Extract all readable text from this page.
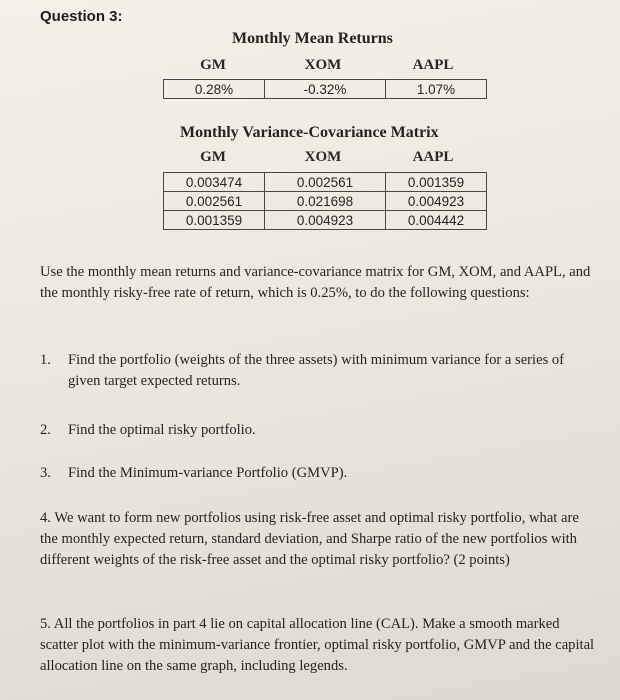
Question 3:
Monthly Mean Returns
GM	XOM	AAPL
0.28%	-0.32%	1.07%
Monthly Variance-Covariance Matrix
GM	XOM	AAPL
0.003474	0.002561	0.001359
0.002561	0.021698	0.004923
0.001359	0.004923	0.004442
Use the monthly mean returns and variance-covariance matrix for GM, XOM, and AAPL, and the monthly risky-free rate of return, which is 0.25%, to do the following questions:
1.	Find the portfolio (weights of the three assets) with minimum variance for a series of given target expected returns.
2.	Find the optimal risky portfolio.
3.	Find the Minimum-variance Portfolio (GMVP).
4. We want to form new portfolios using risk-free asset and optimal risky portfolio, what are the monthly expected return, standard deviation, and Sharpe ratio of the new portfolios with different weights of the risk-free asset and the optimal risky portfolio? (2 points)
5. All the portfolios in part 4 lie on capital allocation line (CAL). Make a smooth marked scatter plot with the minimum-variance frontier, optimal risky portfolio, GMVP and the capital allocation line on the same graph, including legends.
